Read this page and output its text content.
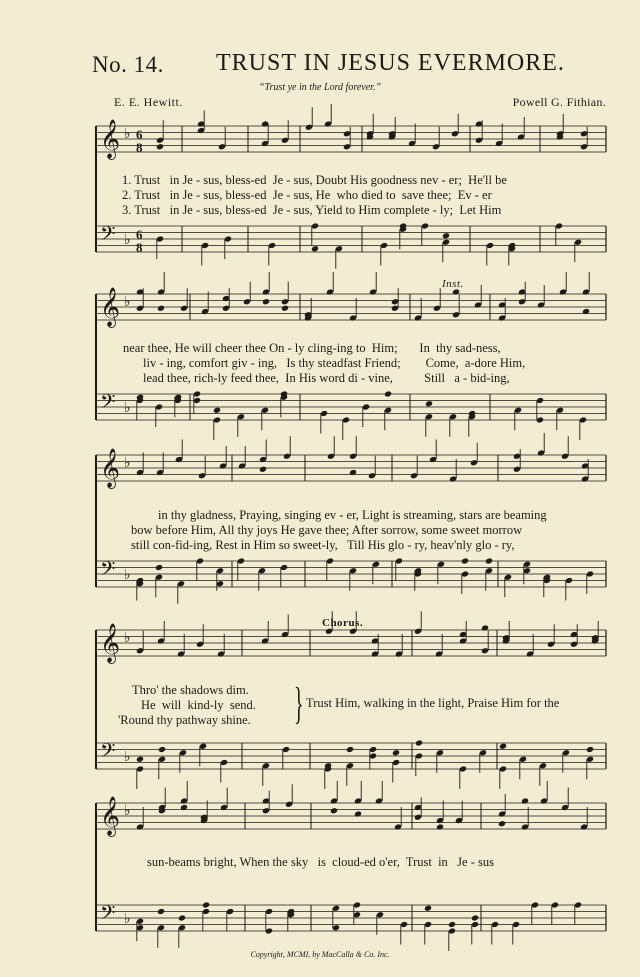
No. 14. TRUST IN JESUS EVERMORE.
“Trust ye in the Lord forever.”
E. E. Hewitt.	Powell G. Fithian.
𝄞 ♭ 6
8
𝄢 ♭ 6
8
𝄞 ♭
𝄢 ♭
𝄞 ♭
𝄢 ♭
𝄞 ♭
𝄢 ♭
𝄞 ♭
𝄢 ♭
1. Trust   in Je - sus, bless-ed  Je - sus, Doubt His goodness nev - er;  He'll be
2. Trust   in Je - sus, bless-ed  Je - sus, He  who died to  save thee;  Ev - er
3. Trust   in Je - sus, bless-ed  Je - sus, Yield to Him complete - ly;  Let Him
Inst.
near thee, He will cheer thee On - ly cling-ing to  Him;       In  thy sad-ness,
liv - ing, comfort giv - ing,   Is thy steadfast Friend;        Come,  a-dore Him,
lead thee, rich-ly feed thee,  In His word di - vine,          Still   a - bid-ing,
in thy gladness, Praying, singing ev - er, Light is streaming, stars are beaming
bow before Him, All thy joys He gave thee; After sorrow, some sweet morrow
still con-fid-ing, Rest in Him so sweet-ly,   Till His glo - ry, heav'nly glo - ry,
Chorus.
Thro' the shadows dim.
He  will  kind-ly  send.
'Round thy pathway shine. } Trust Him, walking in the light, Praise Him for the
sun-beams bright, When the sky   is  cloud-ed o'er,  Trust  in   Je - sus
Copyright, MCMI, by MacCalla & Co. Inc.
